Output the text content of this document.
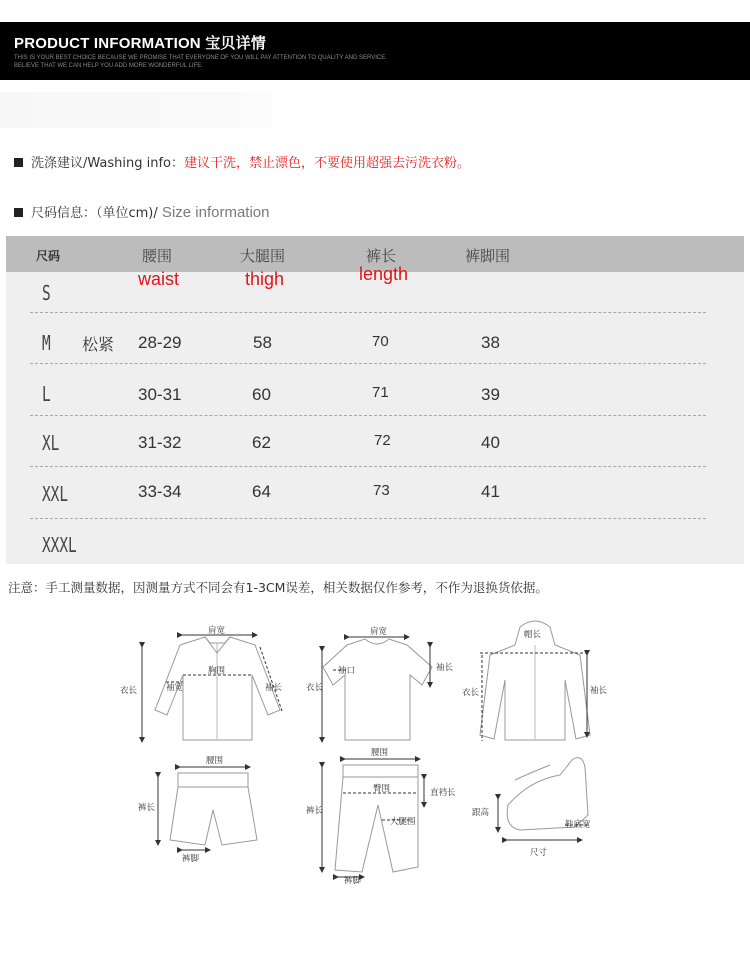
PRODUCT INFORMATION 宝贝详情
THIS IS YOUR BEST CHOICE BECAUSE WE PROMISE THAT EVERYONE OF YOU WILL PAY ATTENTION TO QUALITY AND SERVICE.
BELIEVE THAT WE CAN HELP YOU ADD MORE WONDERFUL LIFE.
洗涤建议/Washing info：建议干洗，禁止漂色，不要使用超强去污洗衣粉。
尺码信息：（单位cm)/ Size information
尺码	腰围	大腿围	裤长	裤脚围
waist	thigh	length
S
M 松紧 28-29	58	70	38
L	30-31	60	71	39
XL	31-32	62	72	40
XXL	33-34	64	73	41
XXXL
注意：手工测量数据，因测量方式不同会有1-3CM误差，相关数据仅作参考，不作为退换货依据。
肩宽
胸围
袖宽
衣长	袖长
肩宽
袖口
衣长
袖长
帽长
衣长	袖长
腰围
裤长
裤脚
腰围
臀围
裤长
直裆长
大腿围
裤脚
跟高
鞋底宽
尺寸
